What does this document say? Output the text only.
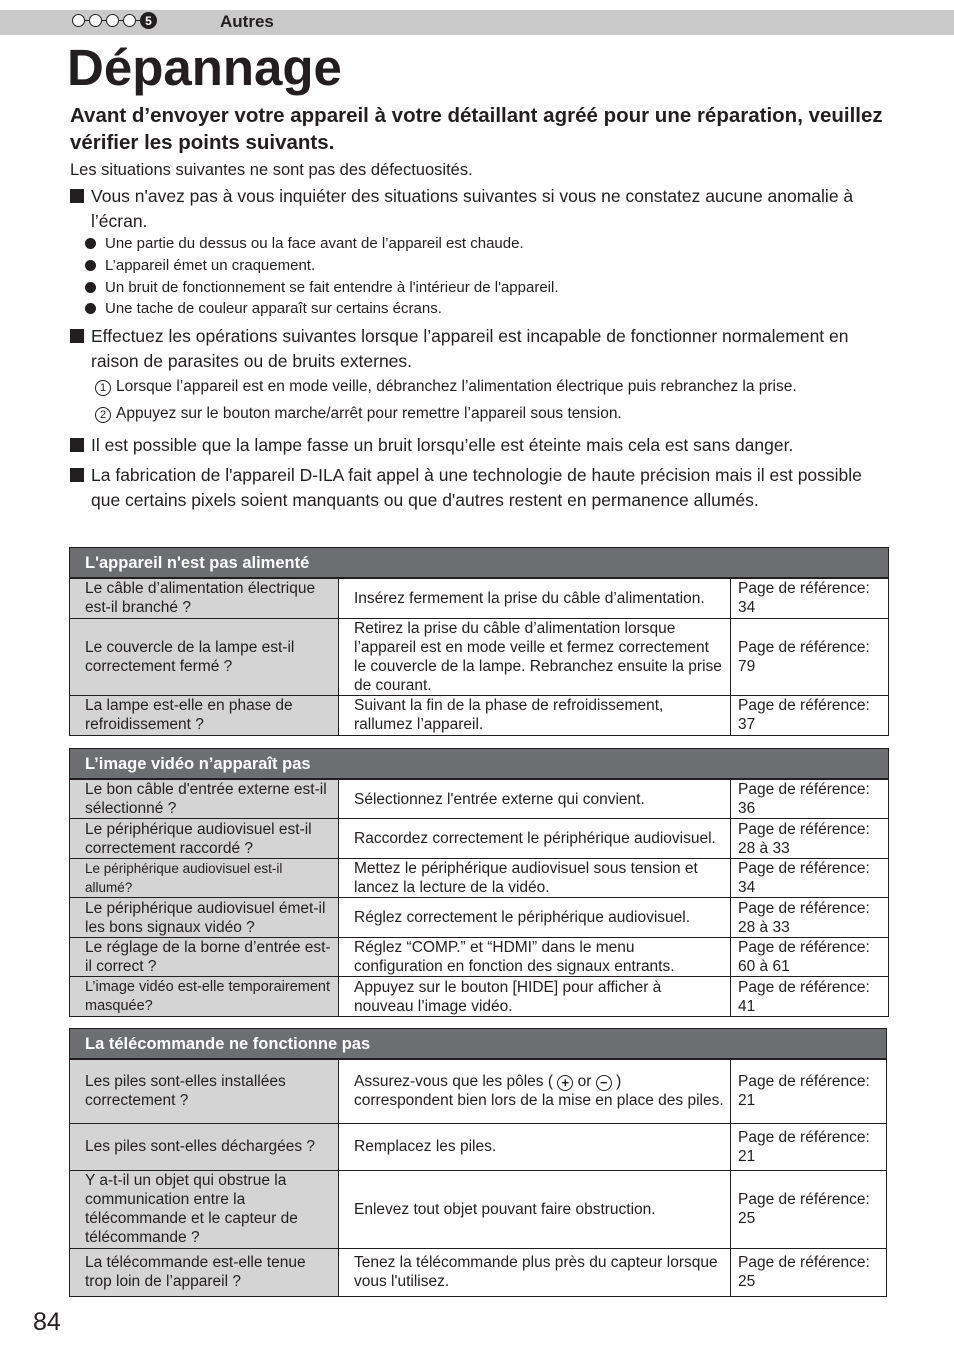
5	Autres
Dépannage
Avant d’envoyer votre appareil à votre détaillant agréé pour une réparation, veuillez vérifier les points suivants.
Les situations suivantes ne sont pas des défectuosités.
Vous n'avez pas à vous inquiéter des situations suivantes si vous ne constatez aucune anomalie à l’écran.
Une partie du dessus ou la face avant de l’appareil est chaude.
L’appareil émet un craquement.
Un bruit de fonctionnement se fait entendre à l'intérieur de l'appareil.
Une tache de couleur apparaît sur certains écrans.
Effectuez les opérations suivantes lorsque l’appareil est incapable de fonctionner normalement en raison de parasites ou de bruits externes.
1 Lorsque l’appareil est en mode veille, débranchez l’alimentation électrique puis rebranchez la prise.
2 Appuyez sur le bouton marche/arrêt pour remettre l’appareil sous tension.
Il est possible que la lampe fasse un bruit lorsqu’elle est éteinte mais cela est sans danger.
La fabrication de l'appareil D-ILA fait appel à une technologie de haute précision mais il est possible que certains pixels soient manquants ou que d'autres restent en permanence allumés.
L'appareil n'est pas alimenté		
Le câble d’alimentation électrique est-il branché ?	Insérez fermement la prise du câble d’alimentation.	Page de référence: 34
Le couvercle de la lampe est-il correctement fermé ?	Retirez la prise du câble d’alimentation lorsque l’appareil est en mode veille et fermez correctement le couvercle de la lampe. Rebranchez ensuite la prise de courant.	Page de référence: 79
La lampe est-elle en phase de refroidissement ?	Suivant la fin de la phase de refroidissement, rallumez l’appareil.	Page de référence: 37
L’image vidéo n’apparaît pas		
Le bon câble d'entrée externe est-il sélectionné ?	Sélectionnez l'entrée externe qui convient.	Page de référence: 36
Le périphérique audiovisuel est-il correctement raccordé ?	Raccordez correctement le périphérique audiovisuel.	Page de référence: 28 à 33
Le périphérique audiovisuel est-il allumé?	Mettez le périphérique audiovisuel sous tension et lancez la lecture de la vidéo.	Page de référence: 34
Le périphérique audiovisuel émet-il les bons signaux vidéo ?	Réglez correctement le périphérique audiovisuel.	Page de référence: 28 à 33
Le réglage de la borne d’entrée est-il correct ?	Réglez “COMP.” et “HDMI” dans le menu configuration en fonction des signaux entrants.	Page de référence: 60 à 61
L’image vidéo est-elle temporairement masquée?	Appuyez sur le bouton [HIDE] pour afficher à nouveau l’image vidéo.	Page de référence: 41
La télécommande ne fonctionne pas		
Les piles sont-elles installées correctement ?	Assurez-vous que les pôles ( + or − ) correspondent bien lors de la mise en place des piles.	Page de référence: 21
Les piles sont-elles déchargées ?	Remplacez les piles.	Page de référence: 21
Y a-t-il un objet qui obstrue la communication entre la télécommande et le capteur de télécommande ?	Enlevez tout objet pouvant faire obstruction.	Page de référence: 25
La télécommande est-elle tenue trop loin de l’appareil ?	Tenez la télécommande plus près du capteur lorsque vous l'utilisez.	Page de référence: 25
84
